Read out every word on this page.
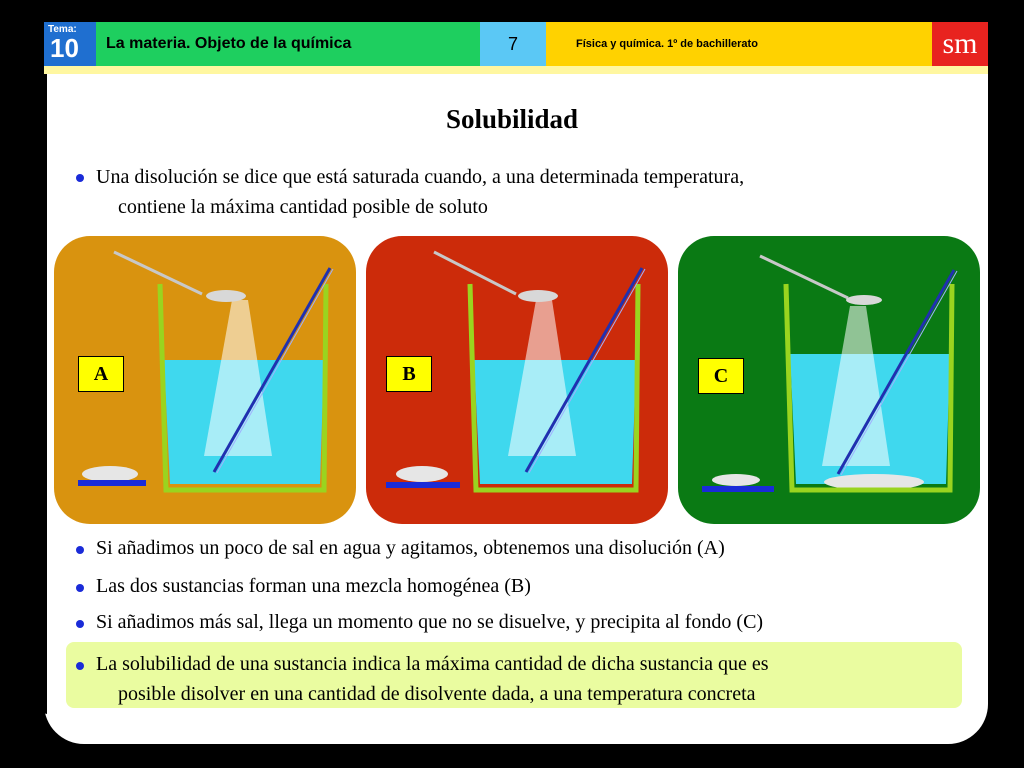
Tema:
10	La materia. Objeto de la química	7	Física y química. 1º de bachillerato	sm
Solubilidad
Una disolución se dice que está saturada cuando, a una determinada temperatura,
contiene la máxima cantidad posible de soluto
A	B	C
Si añadimos un poco de sal en agua y agitamos, obtenemos una disolución (A)
Las dos sustancias forman una mezcla homogénea (B)
Si añadimos más sal, llega un momento que no se disuelve, y precipita al fondo (C)
La solubilidad de una sustancia indica la máxima cantidad de dicha sustancia que es
posible disolver en una cantidad de disolvente dada, a una temperatura concreta
